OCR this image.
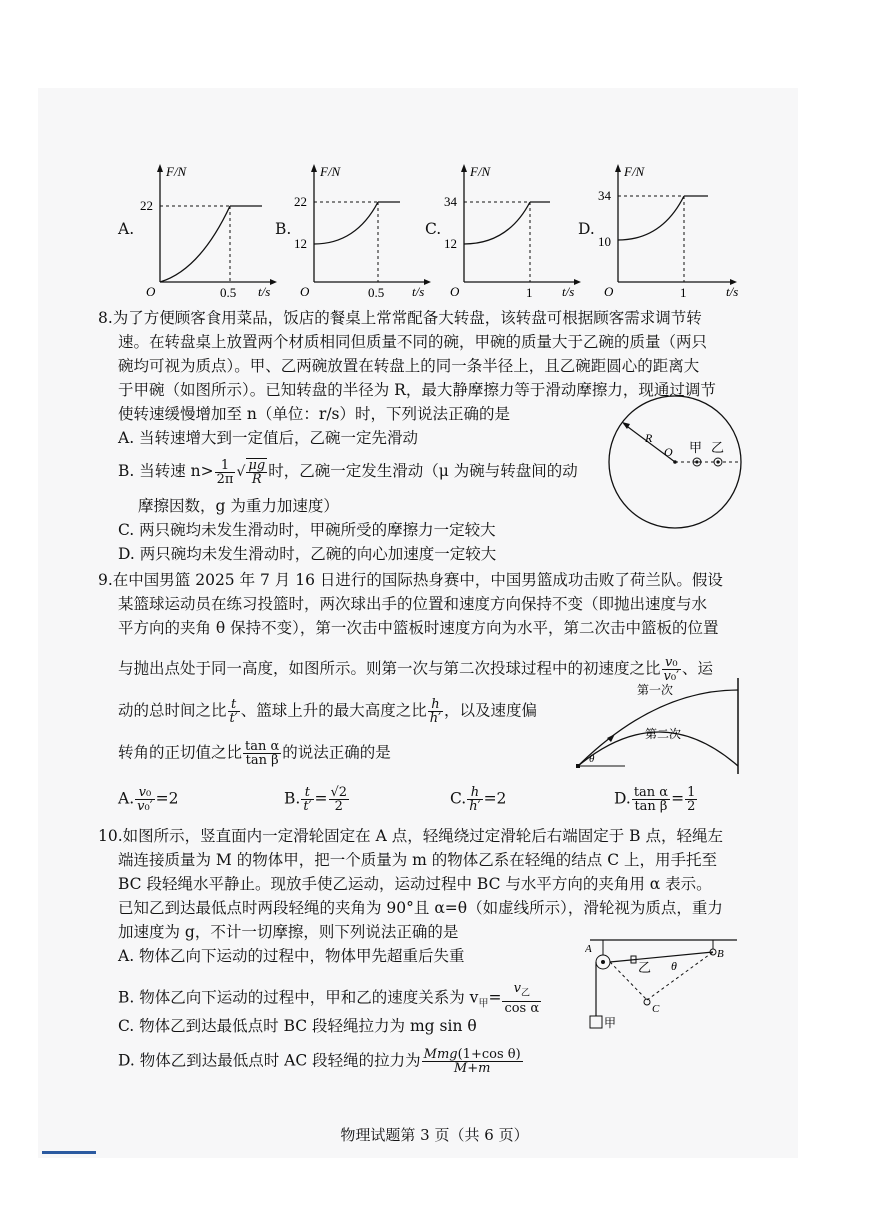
A.	B.	C.	D.
F/N
t/s
O
22
0.5
F/N
t/s
O
22
12
0.5
F/N
t/s
O
34
12
1
F/N
t/s
O
34
10
1
8.为了方便顾客食用菜品，饭店的餐桌上常常配备大转盘，该转盘可根据顾客需求调节转
速。在转盘桌上放置两个材质相同但质量不同的碗，甲碗的质量大于乙碗的质量（两只
碗均可视为质点）。甲、乙两碗放置在转盘上的同一条半径上，且乙碗距圆心的距离大
于甲碗（如图所示）。已知转盘的半径为 R，最大静摩擦力等于滑动摩擦力，现通过调节
使转速缓慢增加至 n（单位：r/s）时，下列说法正确的是
A. 当转速增大到一定值后，乙碗一定先滑动
B. 当转速 $n> \frac{1}{2\pi}$ √ $\frac{\mu g}{R}$ 时，乙碗一定发生滑动（μ 为碗与转盘间的动
摩擦因数，g 为重力加速度）
C. 两只碗均未发生滑动时，甲碗所受的摩擦力一定较大
D. 两只碗均未发生滑动时，乙碗的向心加速度一定较大
R
O 甲 乙
9.在中国男篮 2025 年 7 月 16 日进行的国际热身赛中，中国男篮成功击败了荷兰队。假设
某篮球运动员在练习投篮时，两次球出手的位置和速度方向保持不变（即抛出速度与水
平方向的夹角 θ 保持不变），第一次击中篮板时速度方向为水平，第二次击中篮板的位置
与抛出点处于同一高度，如图所示。则第一次与第二次投球过程中的初速度之比 $\frac{\text{v₀}}{\text{v₀′}}$ 、运
动的总时间之比 $\frac{t}{t'}$ 、篮球上升的最大高度之比 $\frac{h}{h'}$ ，以及速度偏
转角的正切值之比 $\frac{\text{tan α}}{\text{tan β}}$ 的说法正确的是	θ
第一次
第二次
A. $\frac{\text{v₀}}{\text{v₀′}} =2$	B. $\frac{t}{t'} = \frac{√2}{2}$	C. $\frac{h}{h'} =2$	D. $\frac{\text{tan α}}{\text{tan β}} = \frac{1}{2}$
10.如图所示，竖直面内一定滑轮固定在 A 点，轻绳绕过定滑轮后右端固定于 B 点，轻绳左
端连接质量为 M 的物体甲，把一个质量为 m 的物体乙系在轻绳的结点 C 上，用手托至
BC 段轻绳水平静止。现放手使乙运动，运动过程中 BC 与水平方向的夹角用 α 表示。
已知乙到达最低点时两段轻绳的夹角为 90°且 α=θ（如虚线所示），滑轮视为质点，重力
加速度为 g，不计一切摩擦，则下列说法正确的是
A. 物体乙向下运动的过程中，物体甲先超重后失重
B. 物体乙向下运动的过程中，甲和乙的速度关系为 $v_甲= \frac{v_乙}{\text{cos α}}$
C. 物体乙到达最低点时 BC 段轻绳拉力为 mg sin θ
D. 物体乙到达最低点时 AC 段轻绳的拉力为 $\frac{\text{Mmg(1+cos θ)}}{M+m}$
甲
A	B
C
乙 θ
物理试题第 3 页（共 6 页）
